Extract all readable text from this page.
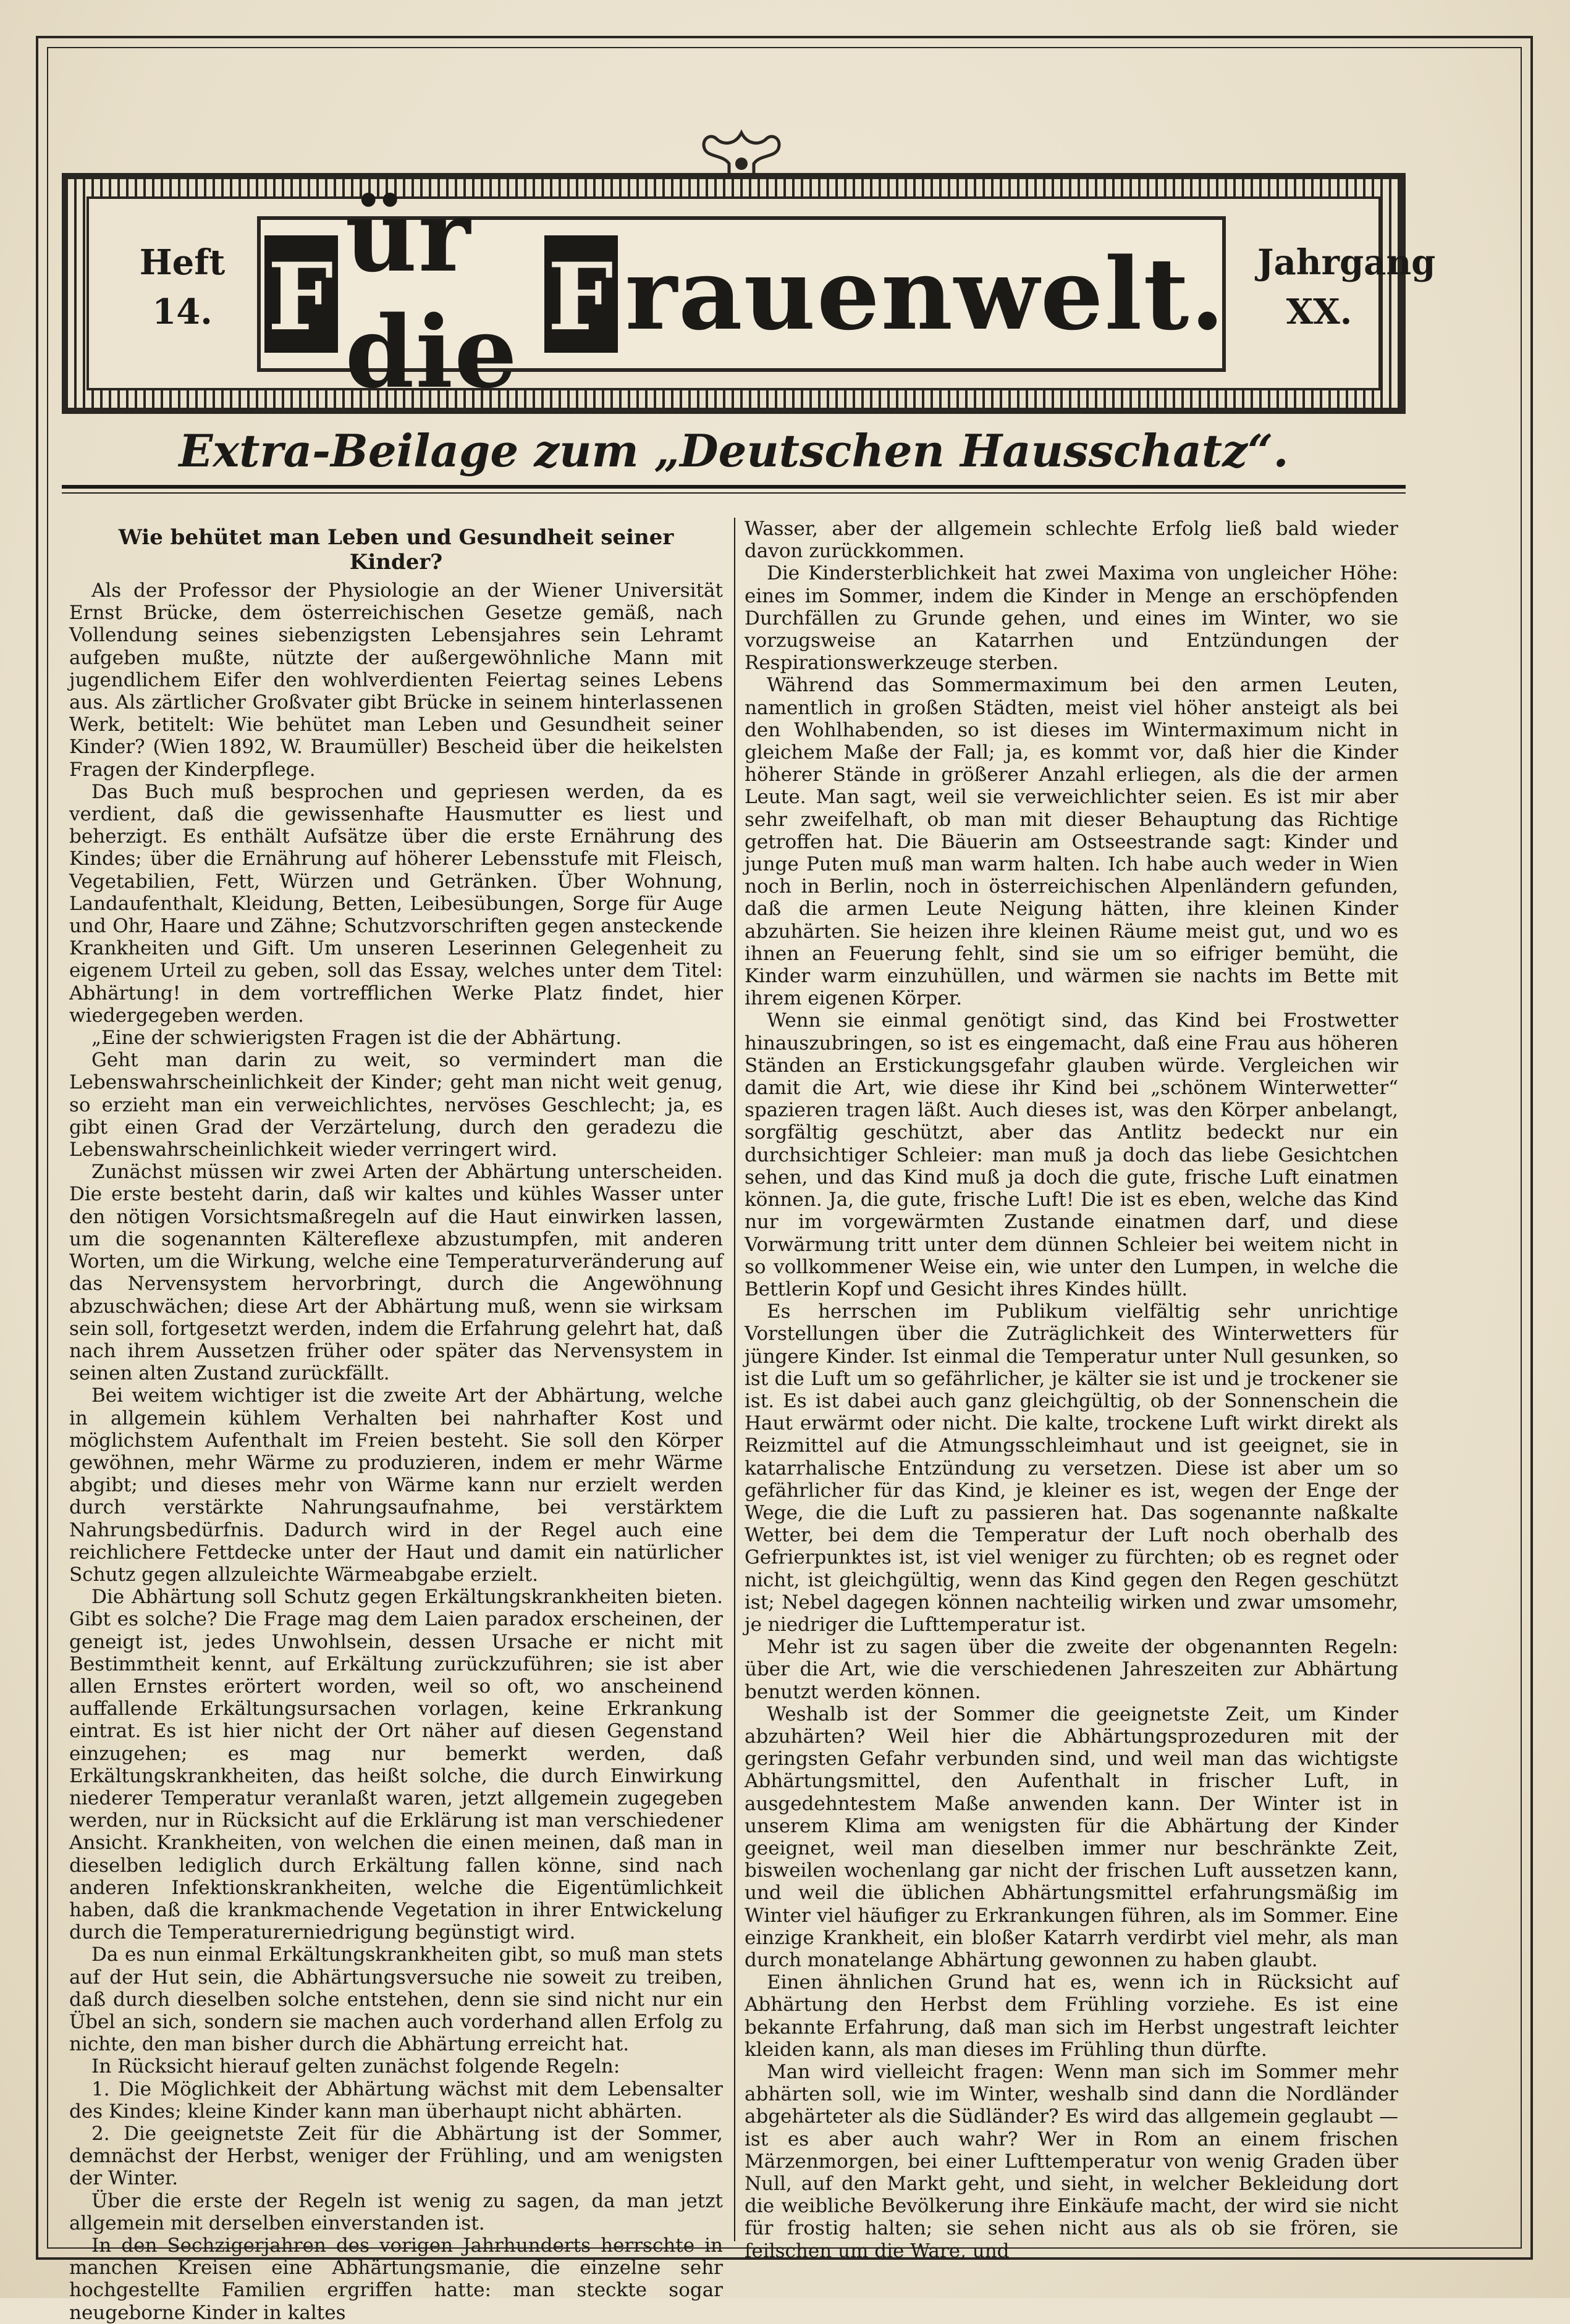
Heft
14. F
ür die F rauenwelt. Jahrgang
XX.
Extra-Beilage zum „Deutschen Hausschatz“.
Wie behütet man Leben und Gesundheit seiner Kinder?

Als der Professor der Physiologie an der Wiener Universität Ernst Brücke, dem österreichischen Gesetze gemäß, nach Vollendung seines siebenzigsten Lebensjahres sein Lehramt aufgeben mußte, nützte der außergewöhnliche Mann mit jugendlichem Eifer den wohlverdienten Feiertag seines Lebens aus. Als zärtlicher Großvater gibt Brücke in seinem hinterlassenen Werk, betitelt: Wie behütet man Leben und Gesundheit seiner Kinder? (Wien 1892, W. Braumüller) Bescheid über die heikelsten Fragen der Kinderpflege.

Das Buch muß besprochen und gepriesen werden, da es verdient, daß die gewissenhafte Hausmutter es liest und beherzigt. Es enthält Aufsätze über die erste Ernährung des Kindes; über die Ernährung auf höherer Lebensstufe mit Fleisch, Vegetabilien, Fett, Würzen und Getränken. Über Wohnung, Landaufenthalt, Kleidung, Betten, Leibesübungen, Sorge für Auge und Ohr, Haare und Zähne; Schutzvorschriften gegen ansteckende Krankheiten und Gift. Um unseren Leserinnen Gelegenheit zu eigenem Urteil zu geben, soll das Essay, welches unter dem Titel: Abhärtung! in dem vortrefflichen Werke Platz findet, hier wiedergegeben werden.

„Eine der schwierigsten Fragen ist die der Abhärtung.

Geht man darin zu weit, so vermindert man die Lebenswahrscheinlichkeit der Kinder; geht man nicht weit genug, so erzieht man ein verweichlichtes, nervöses Geschlecht; ja, es gibt einen Grad der Verzärtelung, durch den geradezu die Lebenswahrscheinlichkeit wieder verringert wird.

Zunächst müssen wir zwei Arten der Abhärtung unterscheiden. Die erste besteht darin, daß wir kaltes und kühles Wasser unter den nötigen Vorsichtsmaßregeln auf die Haut einwirken lassen, um die sogenannten Kältereflexe abzustumpfen, mit anderen Worten, um die Wirkung, welche eine Temperaturveränderung auf das Nervensystem hervorbringt, durch die Angewöhnung abzuschwächen; diese Art der Abhärtung muß, wenn sie wirksam sein soll, fortgesetzt werden, indem die Erfahrung gelehrt hat, daß nach ihrem Aussetzen früher oder später das Nervensystem in seinen alten Zustand zurückfällt.

Bei weitem wichtiger ist die zweite Art der Abhärtung, welche in allgemein kühlem Verhalten bei nahrhafter Kost und möglichstem Aufenthalt im Freien besteht. Sie soll den Körper gewöhnen, mehr Wärme zu produzieren, indem er mehr Wärme abgibt; und dieses mehr von Wärme kann nur erzielt werden durch verstärkte Nahrungsaufnahme, bei verstärktem Nahrungsbedürfnis. Dadurch wird in der Regel auch eine reichlichere Fettdecke unter der Haut und damit ein natürlicher Schutz gegen allzuleichte Wärmeabgabe erzielt.

Die Abhärtung soll Schutz gegen Erkältungskrankheiten bieten. Gibt es solche? Die Frage mag dem Laien paradox erscheinen, der geneigt ist, jedes Unwohlsein, dessen Ursache er nicht mit Bestimmtheit kennt, auf Erkältung zurückzuführen; sie ist aber allen Ernstes erörtert worden, weil so oft, wo anscheinend auffallende Erkältungsursachen vorlagen, keine Erkrankung eintrat. Es ist hier nicht der Ort näher auf diesen Gegenstand einzugehen; es mag nur bemerkt werden, daß Erkältungskrankheiten, das heißt solche, die durch Einwirkung niederer Temperatur veranlaßt waren, jetzt allgemein zugegeben werden, nur in Rücksicht auf die Erklärung ist man verschiedener Ansicht. Krankheiten, von welchen die einen meinen, daß man in dieselben lediglich durch Erkältung fallen könne, sind nach anderen Infektionskrankheiten, welche die Eigentümlichkeit haben, daß die krankmachende Vegetation in ihrer Entwickelung durch die Temperaturerniedrigung begünstigt wird.

Da es nun einmal Erkältungskrankheiten gibt, so muß man stets auf der Hut sein, die Abhärtungsversuche nie soweit zu treiben, daß durch dieselben solche entstehen, denn sie sind nicht nur ein Übel an sich, sondern sie machen auch vorderhand allen Erfolg zu nichte, den man bisher durch die Abhärtung erreicht hat.

In Rücksicht hierauf gelten zunächst folgende Regeln:

1. Die Möglichkeit der Abhärtung wächst mit dem Lebensalter des Kindes; kleine Kinder kann man überhaupt nicht abhärten.

2. Die geeignetste Zeit für die Abhärtung ist der Sommer, demnächst der Herbst, weniger der Frühling, und am wenigsten der Winter.

Über die erste der Regeln ist wenig zu sagen, da man jetzt allgemein mit derselben einverstanden ist.

In den Sechzigerjahren des vorigen Jahrhunderts herrschte in manchen Kreisen eine Abhärtungsmanie, die einzelne sehr hochgestellte Familien ergriffen hatte: man steckte sogar neugeborne Kinder in kaltes

Wasser, aber der allgemein schlechte Erfolg ließ bald wieder davon zurückkommen.

Die Kindersterblichkeit hat zwei Maxima von ungleicher Höhe: eines im Sommer, indem die Kinder in Menge an erschöpfenden Durchfällen zu Grunde gehen, und eines im Winter, wo sie vorzugsweise an Katarrhen und Entzündungen der Respirationswerkzeuge sterben.

Während das Sommermaximum bei den armen Leuten, namentlich in großen Städten, meist viel höher ansteigt als bei den Wohlhabenden, so ist dieses im Wintermaximum nicht in gleichem Maße der Fall; ja, es kommt vor, daß hier die Kinder höherer Stände in größerer Anzahl erliegen, als die der armen Leute. Man sagt, weil sie verweichlichter seien. Es ist mir aber sehr zweifelhaft, ob man mit dieser Behauptung das Richtige getroffen hat. Die Bäuerin am Ostseestrande sagt: Kinder und junge Puten muß man warm halten. Ich habe auch weder in Wien noch in Berlin, noch in österreichischen Alpenländern gefunden, daß die armen Leute Neigung hätten, ihre kleinen Kinder abzuhärten. Sie heizen ihre kleinen Räume meist gut, und wo es ihnen an Feuerung fehlt, sind sie um so eifriger bemüht, die Kinder warm einzuhüllen, und wärmen sie nachts im Bette mit ihrem eigenen Körper.

Wenn sie einmal genötigt sind, das Kind bei Frostwetter hinauszubringen, so ist es eingemacht, daß eine Frau aus höheren Ständen an Erstickungsgefahr glauben würde. Vergleichen wir damit die Art, wie diese ihr Kind bei „schönem Winterwetter“ spazieren tragen läßt. Auch dieses ist, was den Körper anbelangt, sorgfältig geschützt, aber das Antlitz bedeckt nur ein durchsichtiger Schleier: man muß ja doch das liebe Gesichtchen sehen, und das Kind muß ja doch die gute, frische Luft einatmen können. Ja, die gute, frische Luft! Die ist es eben, welche das Kind nur im vorgewärmten Zustande einatmen darf, und diese Vorwärmung tritt unter dem dünnen Schleier bei weitem nicht in so vollkommener Weise ein, wie unter den Lumpen, in welche die Bettlerin Kopf und Gesicht ihres Kindes hüllt.

Es herrschen im Publikum vielfältig sehr unrichtige Vorstellungen über die Zuträglichkeit des Winterwetters für jüngere Kinder. Ist einmal die Temperatur unter Null gesunken, so ist die Luft um so gefährlicher, je kälter sie ist und je trockener sie ist. Es ist dabei auch ganz gleichgültig, ob der Sonnenschein die Haut erwärmt oder nicht. Die kalte, trockene Luft wirkt direkt als Reizmittel auf die Atmungsschleimhaut und ist geeignet, sie in katarrhalische Entzündung zu versetzen. Diese ist aber um so gefährlicher für das Kind, je kleiner es ist, wegen der Enge der Wege, die die Luft zu passieren hat. Das sogenannte naßkalte Wetter, bei dem die Temperatur der Luft noch oberhalb des Gefrierpunktes ist, ist viel weniger zu fürchten; ob es regnet oder nicht, ist gleichgültig, wenn das Kind gegen den Regen geschützt ist; Nebel dagegen können nachteilig wirken und zwar umsomehr, je niedriger die Lufttemperatur ist.

Mehr ist zu sagen über die zweite der obgenannten Regeln: über die Art, wie die verschiedenen Jahreszeiten zur Abhärtung benutzt werden können.

Weshalb ist der Sommer die geeignetste Zeit, um Kinder abzuhärten? Weil hier die Abhärtungsprozeduren mit der geringsten Gefahr verbunden sind, und weil man das wichtigste Abhärtungsmittel, den Aufenthalt in frischer Luft, in ausgedehntestem Maße anwenden kann. Der Winter ist in unserem Klima am wenigsten für die Abhärtung der Kinder geeignet, weil man dieselben immer nur beschränkte Zeit, bisweilen wochenlang gar nicht der frischen Luft aussetzen kann, und weil die üblichen Abhärtungsmittel erfahrungsmäßig im Winter viel häufiger zu Erkrankungen führen, als im Sommer. Eine einzige Krankheit, ein bloßer Katarrh verdirbt viel mehr, als man durch monatelange Abhärtung gewonnen zu haben glaubt.

Einen ähnlichen Grund hat es, wenn ich in Rücksicht auf Abhärtung den Herbst dem Frühling vorziehe. Es ist eine bekannte Erfahrung, daß man sich im Herbst ungestraft leichter kleiden kann, als man dieses im Frühling thun dürfte.

Man wird vielleicht fragen: Wenn man sich im Sommer mehr abhärten soll, wie im Winter, weshalb sind dann die Nordländer abgehärteter als die Südländer? Es wird das allgemein geglaubt — ist es aber auch wahr? Wer in Rom an einem frischen Märzenmorgen, bei einer Lufttemperatur von wenig Graden über Null, auf den Markt geht, und sieht, in welcher Bekleidung dort die weibliche Bevölkerung ihre Einkäufe macht, der wird sie nicht für frostig halten; sie sehen nicht aus als ob sie frören, sie feilschen um die Ware, und
